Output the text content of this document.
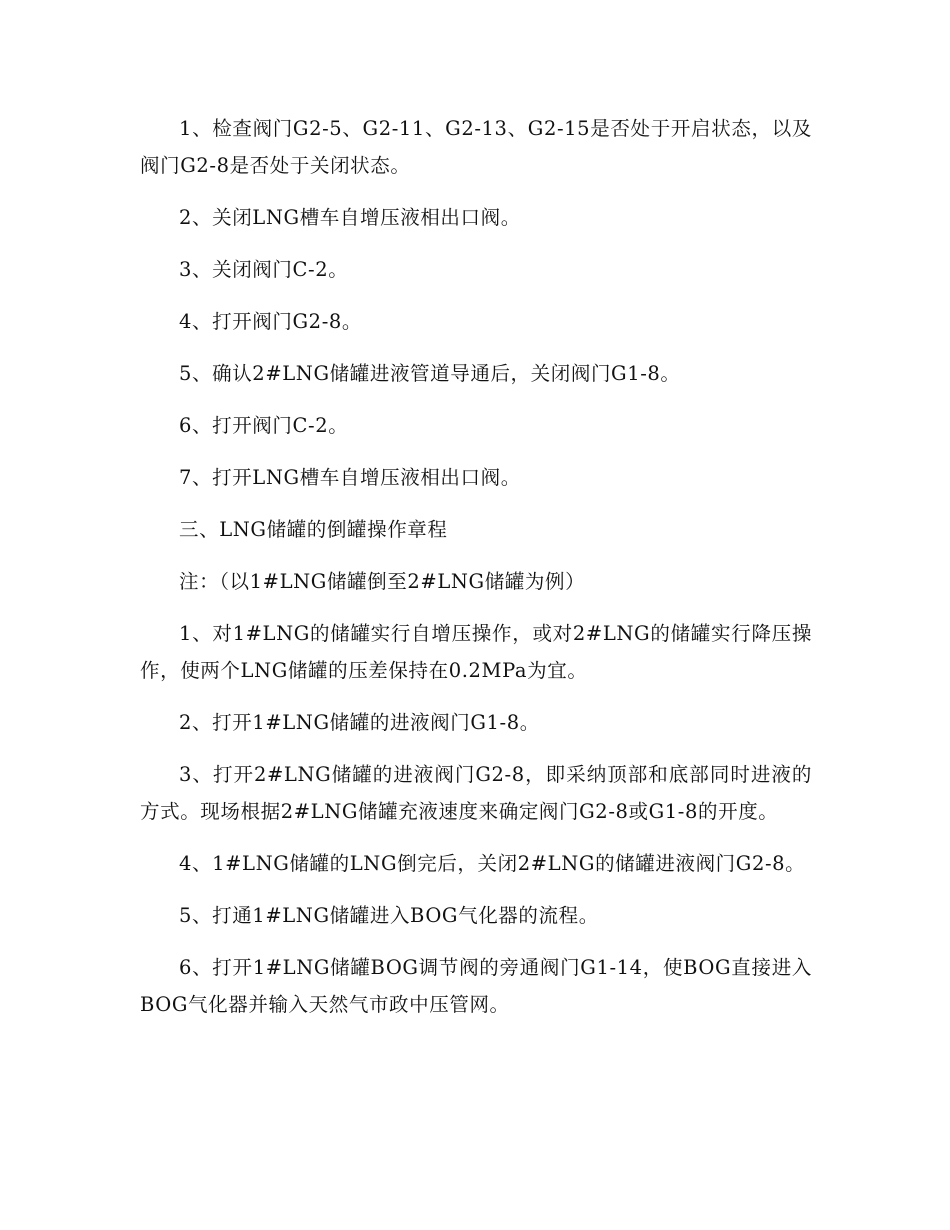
1、检查阀门G2-5、G2-11、G2-13、G2-15是否处于开启状态，以及阀门G2-8是否处于关闭状态。

2、关闭LNG槽车自增压液相出口阀。

3、关闭阀门C-2。

4、打开阀门G2-8。

5、确认2#LNG储罐进液管道导通后，关闭阀门G1-8。

6、打开阀门C-2。

7、打开LNG槽车自增压液相出口阀。

三、LNG储罐的倒罐操作章程

注：（以1#LNG储罐倒至2#LNG储罐为例）

1、对1#LNG的储罐实行自增压操作，或对2#LNG的储罐实行降压操作，使两个LNG储罐的压差保持在0.2MPa为宜。

2、打开1#LNG储罐的进液阀门G1-8。

3、打开2#LNG储罐的进液阀门G2-8，即采纳顶部和底部同时进液的方式。现场根据2#LNG储罐充液速度来确定阀门G2-8或G1-8的开度。

4、1#LNG储罐的LNG倒完后，关闭2#LNG的储罐进液阀门G2-8。

5、打通1#LNG储罐进入BOG气化器的流程。

6、打开1#LNG储罐BOG调节阀的旁通阀门G1-14，使BOG直接进入BOG气化器并输入天然气市政中压管网。
